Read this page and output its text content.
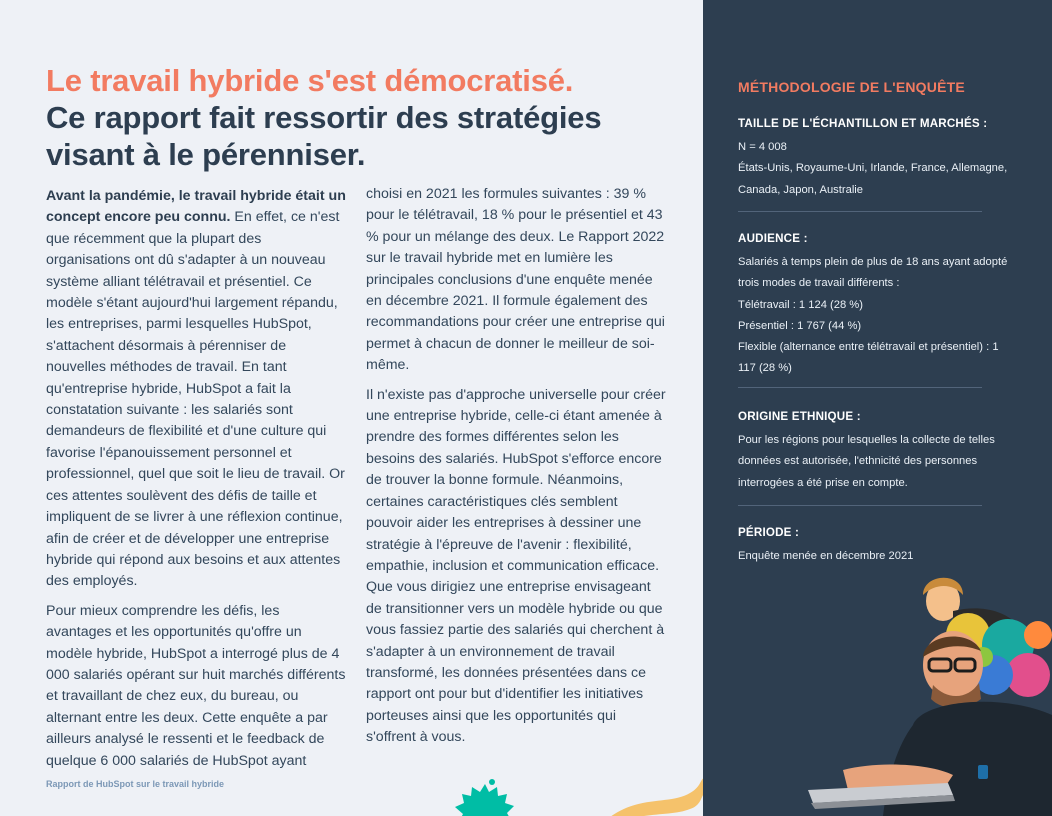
Le travail hybride s'est démocratisé.
Ce rapport fait ressortir des stratégies visant à le pérenniser.

Avant la pandémie, le travail hybride était un concept encore peu connu. En effet, ce n'est que récemment que la plupart des organisations ont dû s'adapter à un nouveau système alliant télétravail et présentiel. Ce modèle s'étant aujourd'hui largement répandu, les entreprises, parmi lesquelles HubSpot, s'attachent désormais à pérenniser de nouvelles méthodes de travail. En tant qu'entreprise hybride, HubSpot a fait la constatation suivante : les salariés sont demandeurs de flexibilité et d'une culture qui favorise l'épanouissement personnel et professionnel, quel que soit le lieu de travail. Or ces attentes soulèvent des défis de taille et impliquent de se livrer à une réflexion continue, afin de créer et de développer une entreprise hybride qui répond aux besoins et aux attentes des employés.

Pour mieux comprendre les défis, les avantages et les opportunités qu'offre un modèle hybride, HubSpot a interrogé plus de 4 000 salariés opérant sur huit marchés différents et travaillant de chez eux, du bureau, ou alternant entre les deux. Cette enquête a par ailleurs analysé le ressenti et le feedback de quelque 6 000 salariés de HubSpot ayant

choisi en 2021 les formules suivantes : 39 % pour le télétravail, 18 % pour le présentiel et 43 % pour un mélange des deux. Le Rapport 2022 sur le travail hybride met en lumière les principales conclusions d'une enquête menée en décembre 2021. Il formule également des recommandations pour créer une entreprise qui permet à chacun de donner le meilleur de soi-même.

Il n'existe pas d'approche universelle pour créer une entreprise hybride, celle-ci étant amenée à prendre des formes différentes selon les besoins des salariés. HubSpot s'efforce encore de trouver la bonne formule. Néanmoins, certaines caractéristiques clés semblent pouvoir aider les entreprises à dessiner une stratégie à l'épreuve de l'avenir : flexibilité, empathie, inclusion et communication efficace. Que vous dirigiez une entreprise envisageant de transitionner vers un modèle hybride ou que vous fassiez partie des salariés qui cherchent à s'adapter à un environnement de travail transformé, les données présentées dans ce rapport ont pour but d'identifier les initiatives porteuses ainsi que les opportunités qui s'offrent à vous.

Rapport de HubSpot sur le travail hybride
MÉTHODOLOGIE DE L'ENQUÊTE
TAILLE DE L'ÉCHANTILLON ET MARCHÉS :

N = 4 008

États-Unis, Royaume-Uni, Irlande, France, Allemagne, Canada, Japon, Australie

AUDIENCE :

Salariés à temps plein de plus de 18 ans ayant adopté trois modes de travail différents :

Télétravail : 1 124 (28 %)

Présentiel : 1 767 (44 %)

Flexible (alternance entre télétravail et présentiel) : 1 117 (28 %)

ORIGINE ETHNIQUE :

Pour les régions pour lesquelles la collecte de telles données est autorisée, l'ethnicité des personnes interrogées a été prise en compte.

PÉRIODE :

Enquête menée en décembre 2021
